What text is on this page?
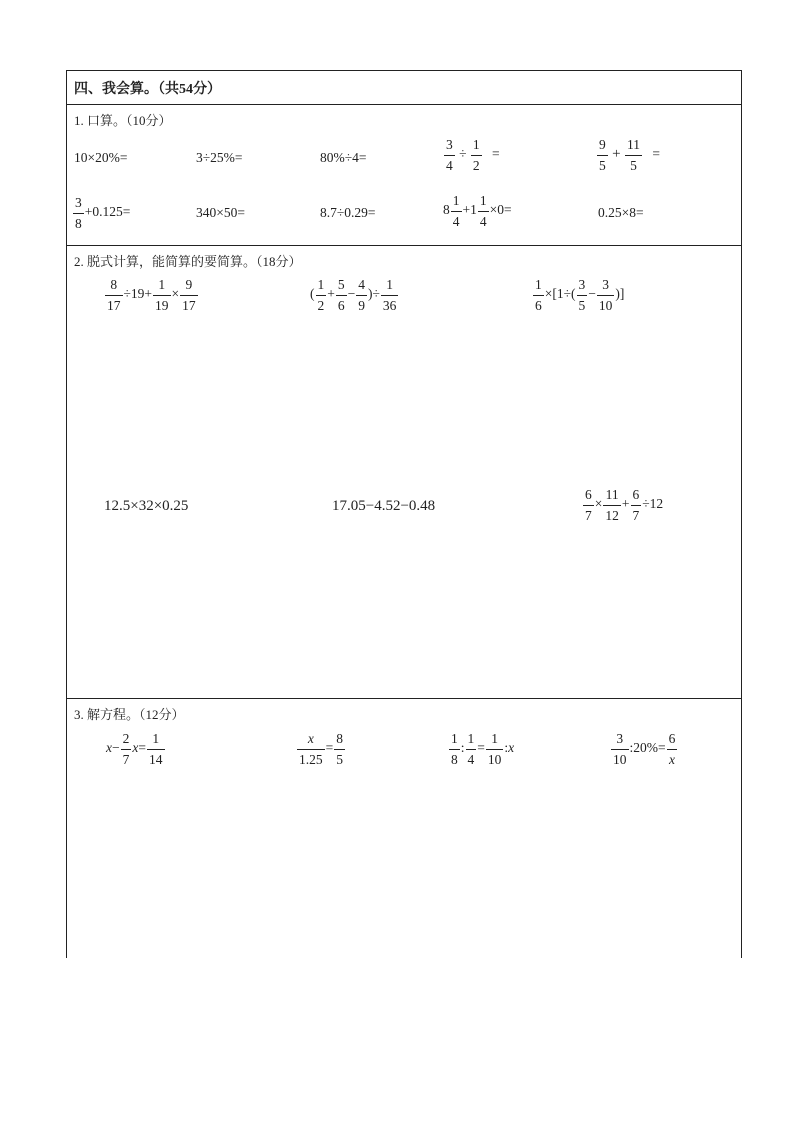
四、我会算。（共54分）
1. 口算。（10分）
10×20%=	3÷25%=	80%÷4=	$\frac{3}{4} \div \frac{1}{2}$ =	$\frac{9}{5} + \frac{11}{5}$ =
$\frac{3}{8} +0.125=$	340×50=	8.7÷0.29=	$8 \frac{1}{4} +1 \frac{1}{4} \times 0=$	0.25×8=
2. 脱式计算，能简算的要简算。（18分）
$\frac{8}{17} \div 19+ \frac{1}{19} \times \frac{9}{17}$	( $\frac{1}{2} + \frac{5}{6} - \frac{4}{9}$ )÷ $\frac{1}{36}$	$\frac{1}{6} \times[1\div( \frac{3}{5} - \frac{3}{10}$ )]
12.5×32×0.25	17.05−4.52−0.48	$\frac{6}{7} \times \frac{11}{12} + \frac{6}{7} \div 12$
3. 解方程。（12分）
$x- \frac{2}{7} x= \frac{1}{14}$	$\frac{x}{1.25} = \frac{8}{5}$	$\frac{1}{8}$ : $\frac{1}{4} = \frac{1}{10}$ :x	$\frac{3}{10}$ :20%= $\frac{6}{x}$
